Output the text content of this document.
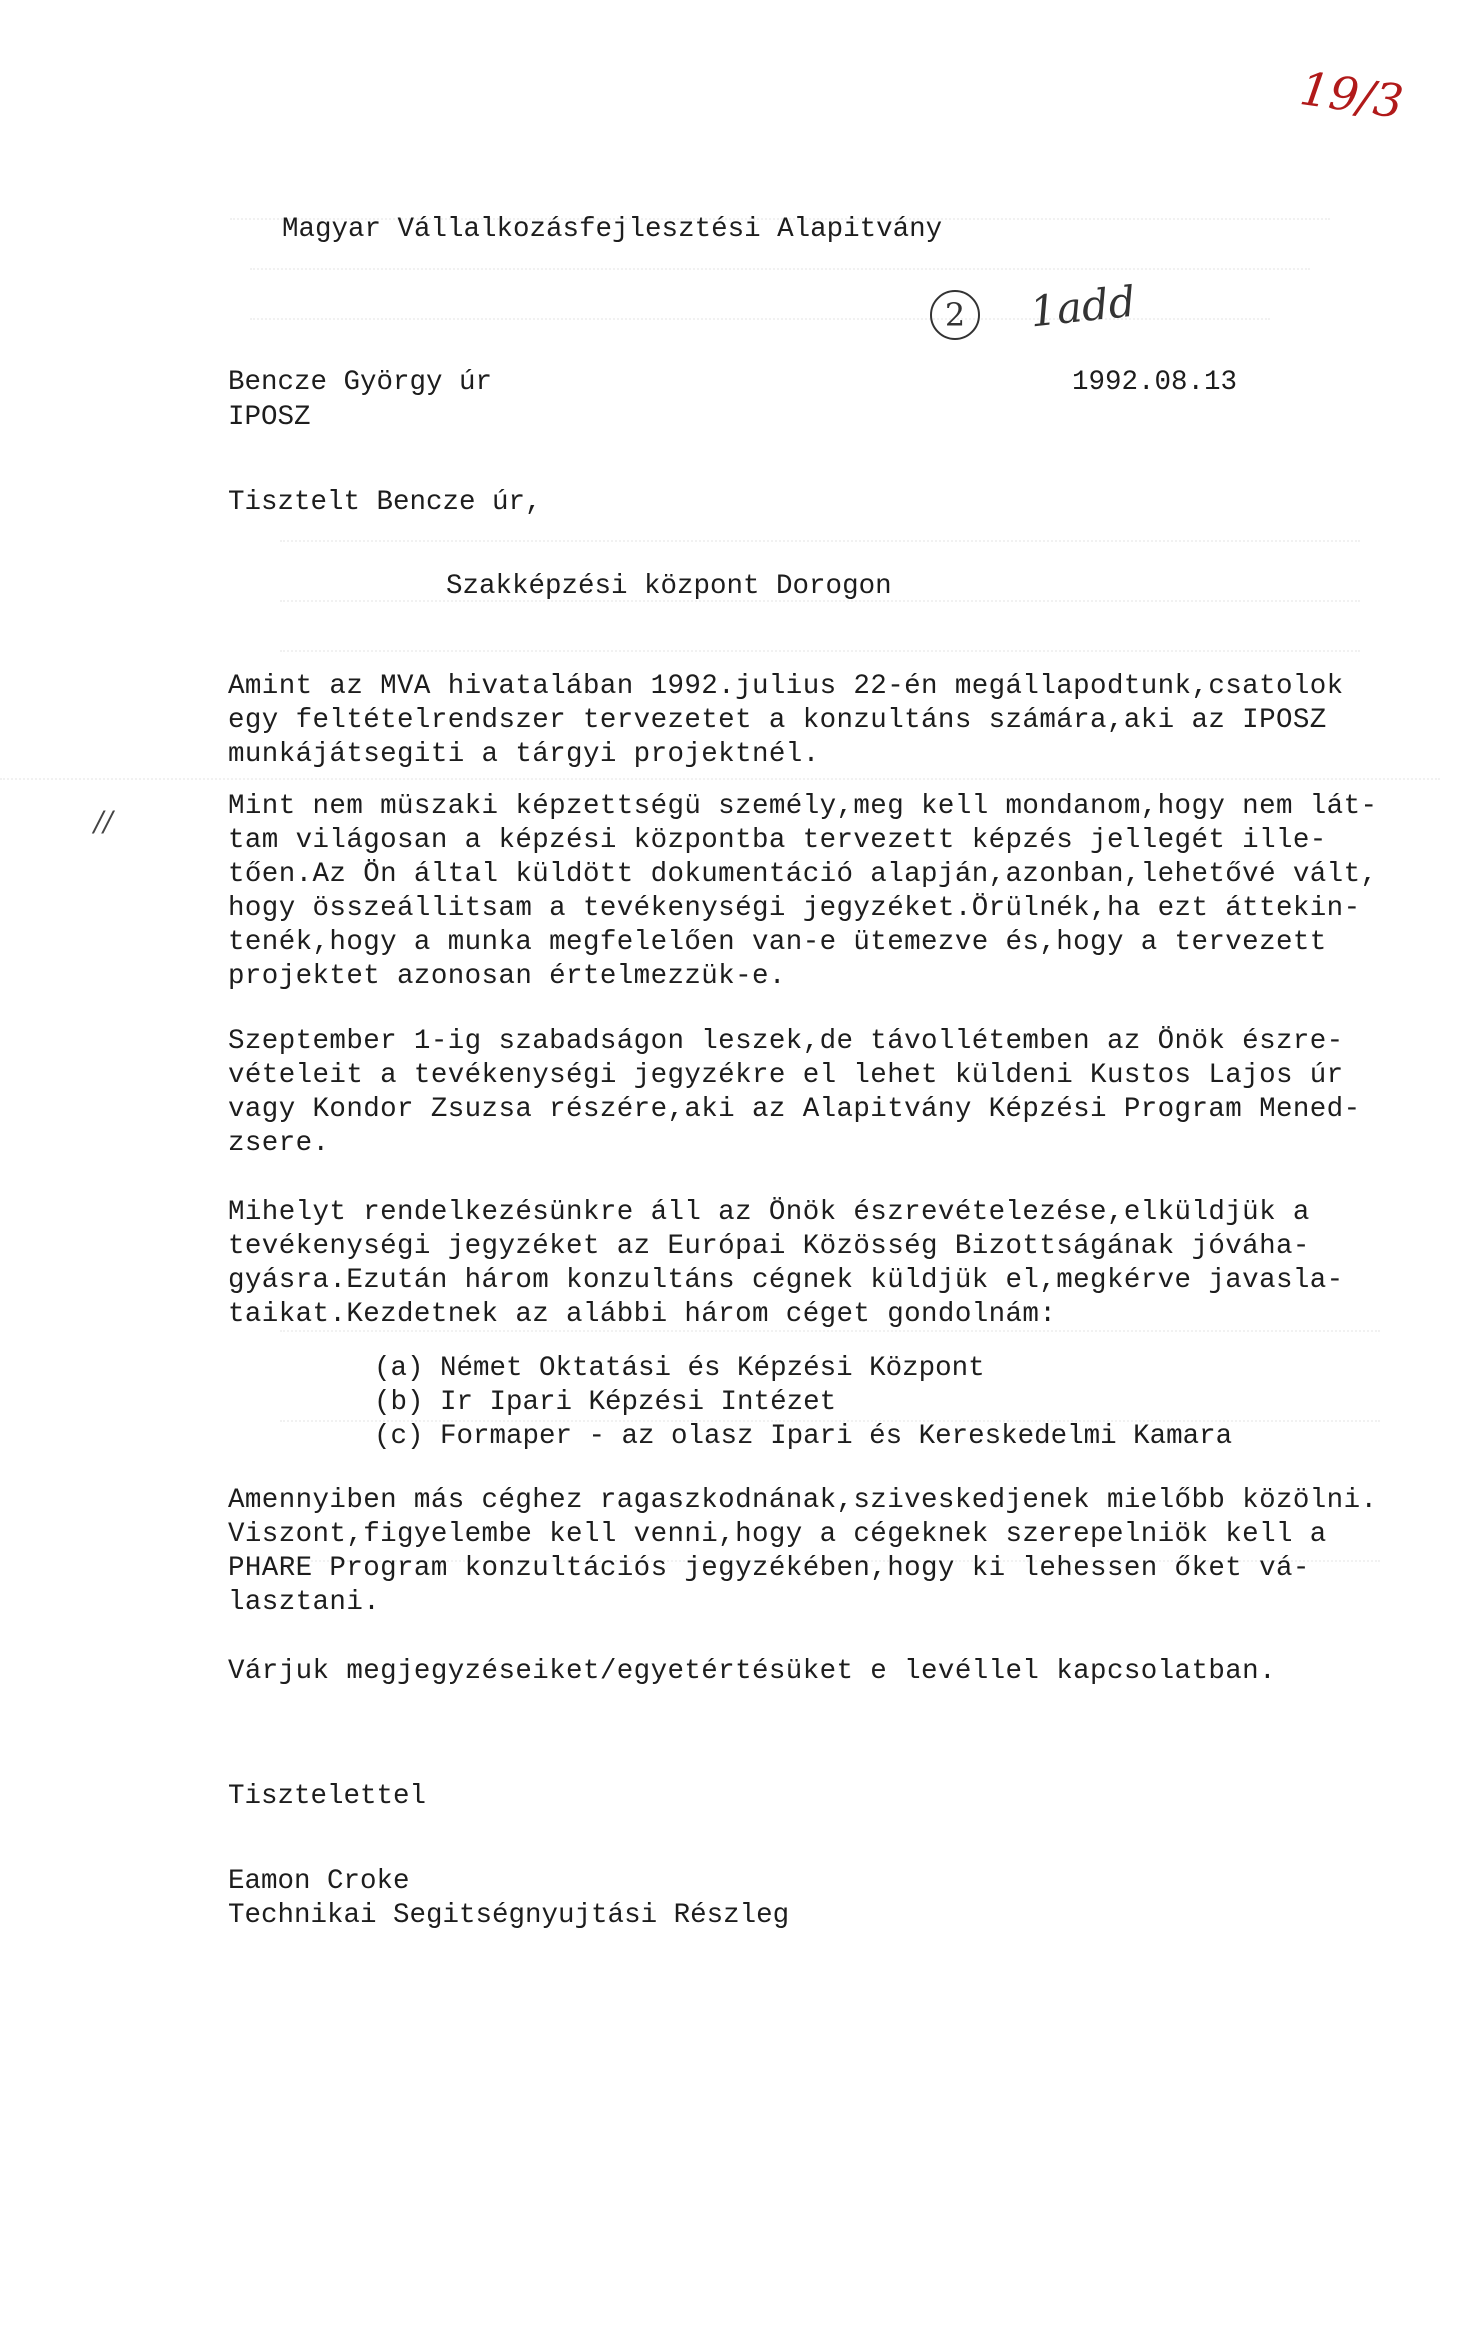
19/3
2	1add
//
Magyar Vállalkozásfejlesztési Alapitvány
Bencze György úr	1992.08.13
IPOSZ
Tisztelt Bencze úr,
Szakképzési központ Dorogon
Amint az MVA hivatalában 1992.julius 22-én megállapodtunk,csatolok
egy feltételrendszer tervezetet a konzultáns számára,aki az IPOSZ
munkájátsegiti a tárgyi projektnél.
Mint nem müszaki képzettségü személy,meg kell mondanom,hogy nem lát-
tam világosan a képzési központba tervezett képzés jellegét ille-
tően.Az Ön által küldött dokumentáció alapján,azonban,lehetővé vált,
hogy összeállitsam a tevékenységi jegyzéket.Örülnék,ha ezt áttekin-
tenék,hogy a munka megfelelően van-e ütemezve és,hogy a tervezett
projektet azonosan értelmezzük-e.
Szeptember 1-ig szabadságon leszek,de távollétemben az Önök észre-
vételeit a tevékenységi jegyzékre el lehet küldeni Kustos Lajos úr
vagy Kondor Zsuzsa részére,aki az Alapitvány Képzési Program Mened-
zsere.
Mihelyt rendelkezésünkre áll az Önök észrevételezése,elküldjük a
tevékenységi jegyzéket az Európai Közösség Bizottságának jóváha-
gyásra.Ezután három konzultáns cégnek küldjük el,megkérve javasla-
taikat.Kezdetnek az alábbi három céget gondolnám:
(a) Német Oktatási és Képzési Központ
(b) Ir Ipari Képzési Intézet
(c) Formaper - az olasz Ipari és Kereskedelmi Kamara
Amennyiben más céghez ragaszkodnának,sziveskedjenek mielőbb közölni.
Viszont,figyelembe kell venni,hogy a cégeknek szerepelniök kell a
PHARE Program konzultációs jegyzékében,hogy ki lehessen őket vá-
lasztani.
Várjuk megjegyzéseiket/egyetértésüket e levéllel kapcsolatban.
Tisztelettel
Eamon Croke
Technikai Segitségnyujtási Részleg
